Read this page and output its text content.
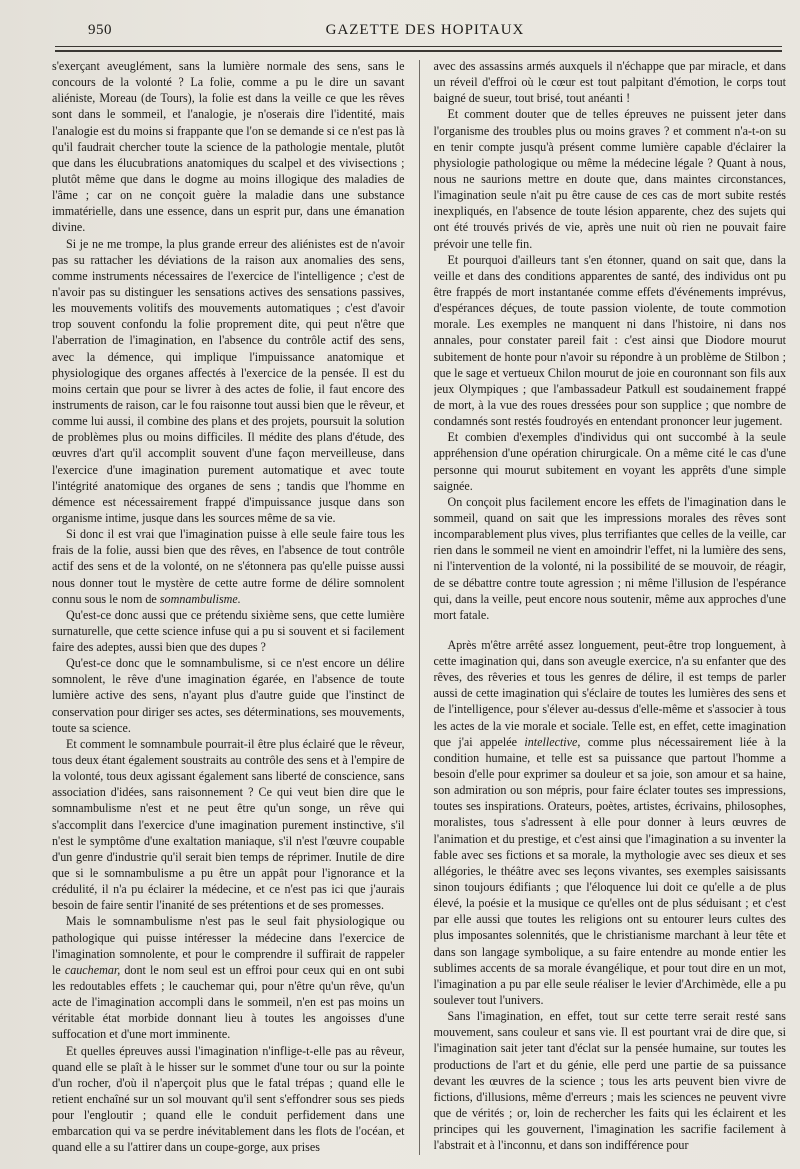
950	GAZETTE DES HOPITAUX

s'exerçant aveuglément, sans la lumière normale des sens, sans le concours de la volonté ? La folie, comme a pu le dire un savant aliéniste, Moreau (de Tours), la folie est dans la veille ce que les rêves sont dans le sommeil, et l'analogie, je n'oserais dire l'identité, mais l'analogie est du moins si frappante que l'on se demande si ce n'est pas là qu'il faudrait chercher toute la science de la pathologie mentale, plutôt que dans les élucubrations anatomiques du scalpel et des vivisections ; plutôt même que dans le dogme au moins illogique des maladies de l'âme ; car on ne conçoit guère la maladie dans une substance immatérielle, dans une essence, dans un esprit pur, dans une émanation divine.

Si je ne me trompe, la plus grande erreur des aliénistes est de n'avoir pas su rattacher les déviations de la raison aux anomalies des sens, comme instruments nécessaires de l'exercice de l'intelligence ; c'est de n'avoir pas su distinguer les sensations actives des sensations passives, les mouvements volitifs des mouvements automatiques ; c'est d'avoir trop souvent confondu la folie proprement dite, qui peut n'être que l'aberration de l'imagination, en l'absence du contrôle actif des sens, avec la démence, qui implique l'impuissance anatomique et physiologique des organes affectés à l'exercice de la pensée. Il est du moins certain que pour se livrer à des actes de folie, il faut encore des instruments de raison, car le fou raisonne tout aussi bien que le rêveur, et comme lui aussi, il combine des plans et des projets, poursuit la solution de problèmes plus ou moins difficiles. Il médite des plans d'étude, des œuvres d'art qu'il accomplit souvent d'une façon merveilleuse, dans l'exercice d'une imagination purement automatique et avec toute l'intégrité anatomique des organes de sens ; tandis que l'homme en démence est nécessairement frappé d'impuissance jusque dans son organisme intime, jusque dans les sources même de sa vie.

Si donc il est vrai que l'imagination puisse à elle seule faire tous les frais de la folie, aussi bien que des rêves, en l'absence de tout contrôle actif des sens et de la volonté, on ne s'étonnera pas qu'elle puisse aussi nous donner tout le mystère de cette autre forme de délire somnolent connu sous le nom de somnambulisme.

Qu'est-ce donc aussi que ce prétendu sixième sens, que cette lumière surnaturelle, que cette science infuse qui a pu si souvent et si facilement faire des adeptes, aussi bien que des dupes ?

Qu'est-ce donc que le somnambulisme, si ce n'est encore un délire somnolent, le rêve d'une imagination égarée, en l'absence de toute lumière active des sens, n'ayant plus d'autre guide que l'instinct de conservation pour diriger ses actes, ses déterminations, ses mouvements, toute sa science.

Et comment le somnambule pourrait-il être plus éclairé que le rêveur, tous deux étant également soustraits au contrôle des sens et à l'empire de la volonté, tous deux agissant également sans liberté de conscience, sans association d'idées, sans raisonnement ? Ce qui veut bien dire que le somnambulisme n'est et ne peut être qu'un songe, un rêve qui s'accomplit dans l'exercice d'une imagination purement instinctive, s'il n'est le symptôme d'une exaltation maniaque, s'il n'est l'œuvre coupable d'un genre d'industrie qu'il serait bien temps de réprimer. Inutile de dire que si le somnambulisme a pu être un appât pour l'ignorance et la crédulité, il n'a pu éclairer la médecine, et ce n'est pas ici que j'aurais besoin de faire sentir l'inanité de ses prétentions et de ses promesses.

Mais le somnambulisme n'est pas le seul fait physiologique ou pathologique qui puisse intéresser la médecine dans l'exercice de l'imagination somnolente, et pour le comprendre il suffirait de rappeler le cauchemar, dont le nom seul est un effroi pour ceux qui en ont subi les redoutables effets ; le cauchemar qui, pour n'être qu'un rêve, qu'un acte de l'imagination accompli dans le sommeil, n'en est pas moins un véritable état morbide donnant lieu à toutes les angoisses d'une suffocation et d'une mort imminente.

Et quelles épreuves aussi l'imagination n'inflige-t-elle pas au rêveur, quand elle se plaît à le hisser sur le sommet d'une tour ou sur la pointe d'un rocher, d'où il n'aperçoit plus que le fatal trépas ; quand elle le retient enchaîné sur un sol mouvant qu'il sent s'effondrer sous ses pieds pour l'engloutir ; quand elle le conduit perfidement dans une embarcation qui va se perdre inévitablement dans les flots de l'océan, et quand elle a su l'attirer dans un coupe-gorge, aux prises

avec des assassins armés auxquels il n'échappe que par miracle, et dans un réveil d'effroi où le cœur est tout palpitant d'émotion, le corps tout baigné de sueur, tout brisé, tout anéanti !

Et comment douter que de telles épreuves ne puissent jeter dans l'organisme des troubles plus ou moins graves ? et comment n'a-t-on su en tenir compte jusqu'à présent comme lumière capable d'éclairer la physiologie pathologique ou même la médecine légale ? Quant à nous, nous ne saurions mettre en doute que, dans maintes circonstances, l'imagination seule n'ait pu être cause de ces cas de mort subite restés inexpliqués, en l'absence de toute lésion apparente, chez des sujets qui ont été trouvés privés de vie, après une nuit où rien ne pouvait faire prévoir une telle fin.

Et pourquoi d'ailleurs tant s'en étonner, quand on sait que, dans la veille et dans des conditions apparentes de santé, des individus ont pu être frappés de mort instantanée comme effets d'événements imprévus, d'espérances déçues, de toute passion violente, de toute commotion morale. Les exemples ne manquent ni dans l'histoire, ni dans nos annales, pour constater pareil fait : c'est ainsi que Diodore mourut subitement de honte pour n'avoir su répondre à un problème de Stilbon ; que le sage et vertueux Chilon mourut de joie en couronnant son fils aux jeux Olympiques ; que l'ambassadeur Patkull est soudainement frappé de mort, à la vue des roues dressées pour son supplice ; que nombre de condamnés sont restés foudroyés en entendant prononcer leur jugement.

Et combien d'exemples d'individus qui ont succombé à la seule appréhension d'une opération chirurgicale. On a même cité le cas d'une personne qui mourut subitement en voyant les apprêts d'une simple saignée.

On conçoit plus facilement encore les effets de l'imagination dans le sommeil, quand on sait que les impressions morales des rêves sont incomparablement plus vives, plus terrifiantes que celles de la veille, car rien dans le sommeil ne vient en amoindrir l'effet, ni la lumière des sens, ni l'intervention de la volonté, ni la possibilité de se mouvoir, de réagir, de se débattre contre toute agression ; ni même l'illusion de l'espérance qui, dans la veille, peut encore nous soutenir, même aux approches d'une mort fatale.

Après m'être arrêté assez longuement, peut-être trop longuement, à cette imagination qui, dans son aveugle exercice, n'a su enfanter que des rêves, des rêveries et tous les genres de délire, il est temps de parler aussi de cette imagination qui s'éclaire de toutes les lumières des sens et de l'intelligence, pour s'élever au-dessus d'elle-même et s'associer à tous les actes de la vie morale et sociale. Telle est, en effet, cette imagination que j'ai appelée intellective, comme plus nécessairement liée à la condition humaine, et telle est sa puissance que partout l'homme a besoin d'elle pour exprimer sa douleur et sa joie, son amour et sa haine, son admiration ou son mépris, pour faire éclater toutes ses impressions, toutes ses inspirations. Orateurs, poètes, artistes, écrivains, philosophes, moralistes, tous s'adressent à elle pour donner à leurs œuvres de l'animation et du prestige, et c'est ainsi que l'imagination a su inventer la fable avec ses fictions et sa morale, la mythologie avec ses dieux et ses allégories, le théâtre avec ses leçons vivantes, ses exemples saisissants sinon toujours édifiants ; que l'éloquence lui doit ce qu'elle a de plus élevé, la poésie et la musique ce qu'elles ont de plus séduisant ; et c'est par elle aussi que toutes les religions ont su entourer leurs cultes des plus imposantes solennités, que le christianisme marchant à leur tête et dans son langage symbolique, a su faire entendre au monde entier les sublimes accents de sa morale évangélique, et pour tout dire en un mot, l'imagination a pu par elle seule réaliser le levier d'Archimède, elle a pu soulever tout l'univers.

Sans l'imagination, en effet, tout sur cette terre serait resté sans mouvement, sans couleur et sans vie. Il est pourtant vrai de dire que, si l'imagination sait jeter tant d'éclat sur la pensée humaine, sur toutes les productions de l'art et du génie, elle perd une partie de sa puissance devant les œuvres de la science ; tous les arts peuvent bien vivre de fictions, d'illusions, même d'erreurs ; mais les sciences ne peuvent vivre que de vérités ; or, loin de rechercher les faits qui les éclairent et les principes qui les gouvernent, l'imagination les sacrifie facilement à l'abstrait et à l'inconnu, et dans son indifférence pour
